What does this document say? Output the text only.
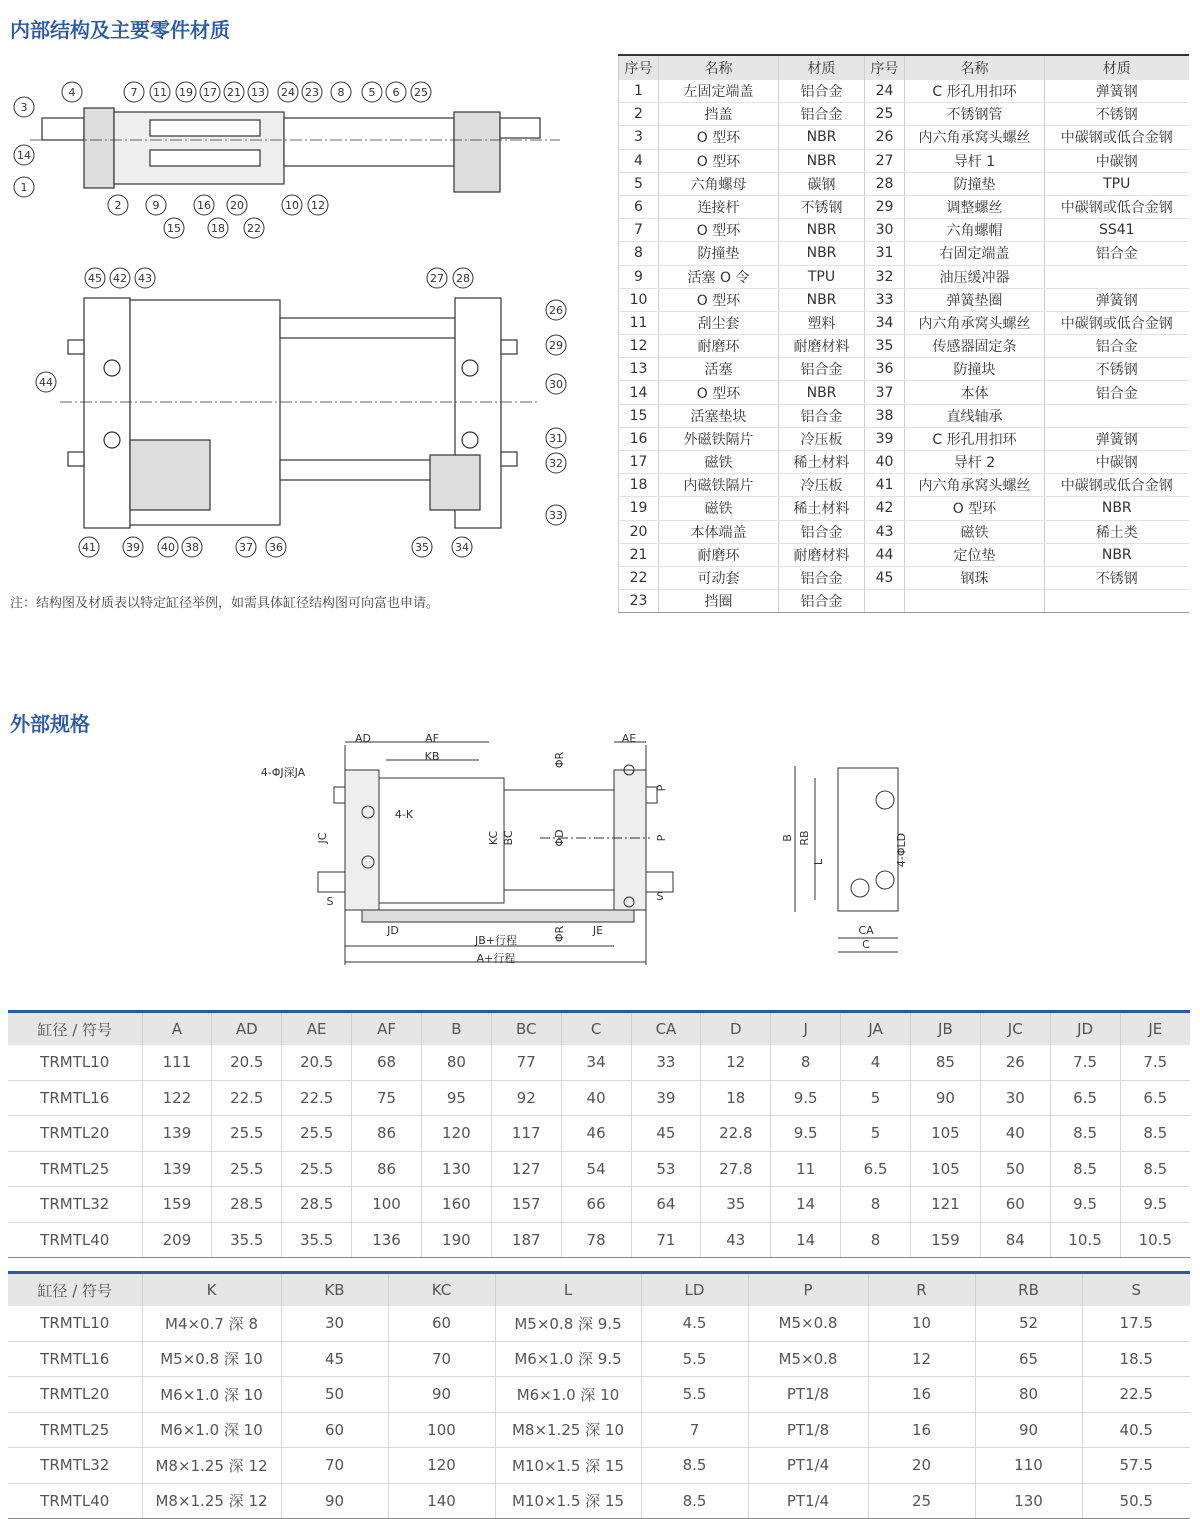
内部结构及主要零件材质
4	7 11 19 17 21 13 24 23 8 5 6 25
3
14
1
2	9
15
16
18
20
22
10 12
45 42 43	27 28
26
29
44	30
31
32
33
41	39 40 38	37 36	35 34
注：结构图及材质表以特定缸径举例，如需具体缸径结构图可向富也申请。
序号	名称	材质	序号	名称	材质
1	左固定端盖	铝合金	24	C 形孔用扣环	弹簧钢
2	挡盖	铝合金	25	不锈钢管	不锈钢
3	O 型环	NBR	26	内六角承窝头螺丝	中碳钢或低合金钢
4	O 型环	NBR	27	导杆 1	中碳钢
5	六角螺母	碳钢	28	防撞垫	TPU
6	连接杆	不锈钢	29	调整螺丝	中碳钢或低合金钢
7	O 型环	NBR	30	六角螺帽	SS41
8	防撞垫	NBR	31	右固定端盖	铝合金
9	活塞 O 令	TPU	32	油压缓冲器	
10	O 型环	NBR	33	弹簧垫圈	弹簧钢
11	刮尘套	塑料	34	内六角承窝头螺丝	中碳钢或低合金钢
12	耐磨环	耐磨材料	35	传感器固定条	铝合金
13	活塞	铝合金	36	防撞块	不锈钢
14	O 型环	NBR	37	本体	铝合金
15	活塞垫块	铝合金	38	直线轴承	
16	外磁铁隔片	冷压板	39	C 形孔用扣环	弹簧钢
17	磁铁	稀土材料	40	导杆 2	中碳钢
18	内磁铁隔片	冷压板	41	内六角承窝头螺丝	中碳钢或低合金钢
19	磁铁	稀土材料	42	O 型环	NBR
20	本体端盖	铝合金	43	磁铁	稀土类
21	耐磨环	耐磨材料	44	定位垫	NBR
22	可动套	铝合金	45	钢珠	不锈钢
23	挡圈	铝合金			
外部规格
AD	AF
KB
AE
ΦR
4-ΦJ深JA
4-K
JC	KC BC	ΦD
P
P
S	S
JD
JB+行程	ΦR JE
A+行程
B RB
L	4-ΦLD
CA
C
缸径 / 符号	A	AD	AE	AF	B	BC	C	CA	D	J	JA	JB	JC	JD	JE
TRMTL10	111	20.5	20.5	68	80	77	34	33	12	8	4	85	26	7.5	7.5
TRMTL16	122	22.5	22.5	75	95	92	40	39	18	9.5	5	90	30	6.5	6.5
TRMTL20	139	25.5	25.5	86	120	117	46	45	22.8	9.5	5	105	40	8.5	8.5
TRMTL25	139	25.5	25.5	86	130	127	54	53	27.8	11	6.5	105	50	8.5	8.5
TRMTL32	159	28.5	28.5	100	160	157	66	64	35	14	8	121	60	9.5	9.5
TRMTL40	209	35.5	35.5	136	190	187	78	71	43	14	8	159	84	10.5	10.5
缸径 / 符号	K	KB	KC	L	LD	P	R	RB	S
TRMTL10	M4×0.7 深 8	30	60	M5×0.8 深 9.5	4.5	M5×0.8	10	52	17.5
TRMTL16	M5×0.8 深 10	45	70	M6×1.0 深 9.5	5.5	M5×0.8	12	65	18.5
TRMTL20	M6×1.0 深 10	50	90	M6×1.0 深 10	5.5	PT1/8	16	80	22.5
TRMTL25	M6×1.0 深 10	60	100	M8×1.25 深 10	7	PT1/8	16	90	40.5
TRMTL32	M8×1.25 深 12	70	120	M10×1.5 深 15	8.5	PT1/4	20	110	57.5
TRMTL40	M8×1.25 深 12	90	140	M10×1.5 深 15	8.5	PT1/4	25	130	50.5
